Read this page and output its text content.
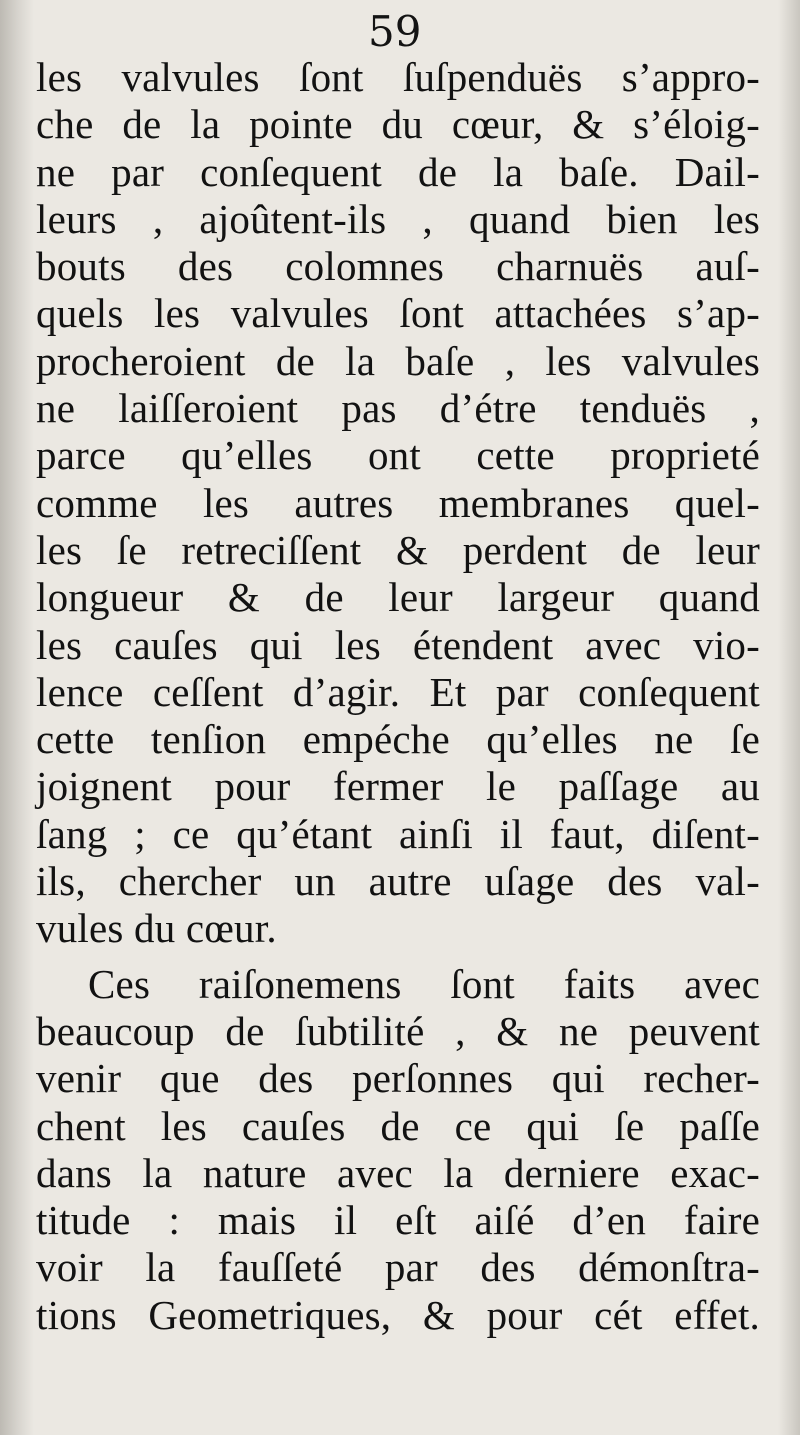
59
les valvules ſont ſuſpenduës s’appro-
che de la pointe du cœur, & s’éloig-
ne par conſequent de la baſe. Dail-
leurs , ajoûtent-ils , quand bien les
bouts des colomnes charnuës auſ-
quels les valvules ſont attachées s’ap-
procheroient de la baſe , les valvules
ne laiſſeroient pas d’étre tenduës ,
parce qu’elles ont cette proprieté
comme les autres membranes quel-
les ſe retreciſſent & perdent de leur
longueur & de leur largeur quand
les cauſes qui les étendent avec vio-
lence ceſſent d’agir. Et par conſequent
cette tenſion empéche qu’elles ne ſe
joignent pour fermer le paſſage au
ſang ; ce qu’étant ainſi il faut, diſent-
ils, chercher un autre uſage des val-
vules du cœur.
Ces raiſonemens ſont faits avec
beaucoup de ſubtilité , & ne peuvent
venir que des perſonnes qui recher-
chent les cauſes de ce qui ſe paſſe
dans la nature avec la derniere exac-
titude : mais il eſt aiſé d’en faire
voir la fauſſeté par des démonſtra-
tions Geometriques, & pour cét effet.
